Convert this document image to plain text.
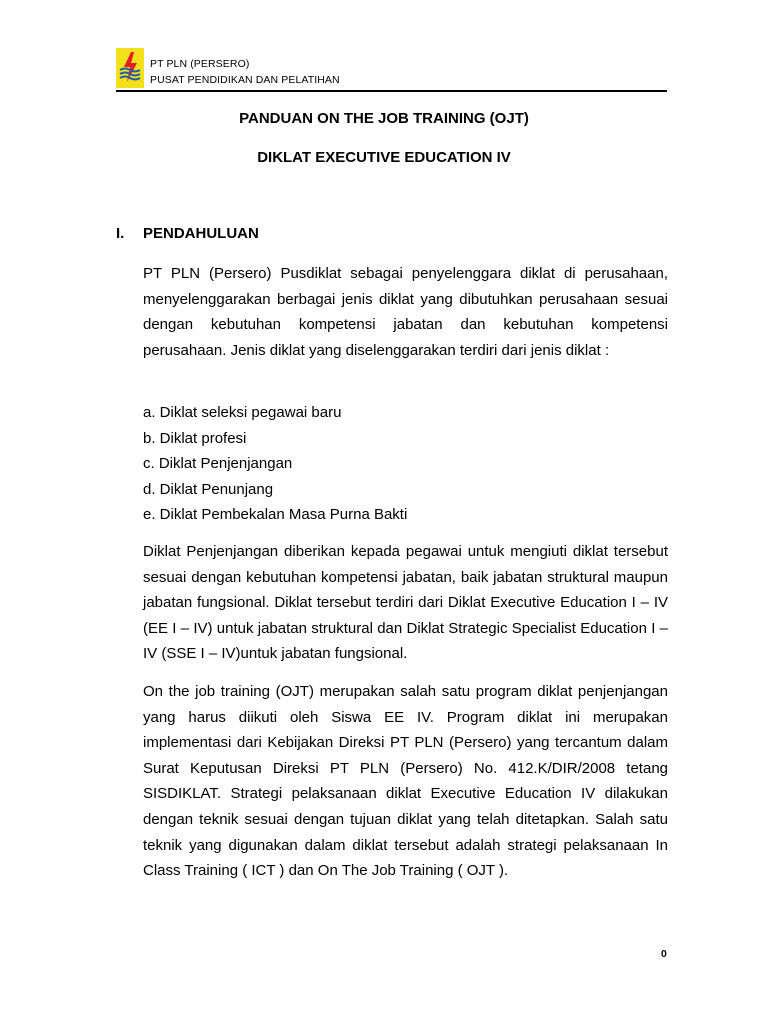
PT PLN (PERSERO)
PUSAT PENDIDIKAN DAN PELATIHAN
PANDUAN ON THE JOB TRAINING (OJT)
DIKLAT EXECUTIVE EDUCATION IV
I. PENDAHULUAN
PT PLN (Persero) Pusdiklat sebagai penyelenggara diklat di perusahaan, menyelenggarakan berbagai jenis diklat yang dibutuhkan perusahaan sesuai dengan kebutuhan kompetensi jabatan dan kebutuhan kompetensi perusahaan. Jenis diklat yang diselenggarakan terdiri dari jenis diklat :
a. Diklat seleksi pegawai baru
b. Diklat profesi
c. Diklat Penjenjangan
d. Diklat Penunjang
e. Diklat Pembekalan Masa Purna Bakti
Diklat Penjenjangan diberikan kepada pegawai untuk mengiuti diklat tersebut sesuai dengan kebutuhan kompetensi jabatan, baik jabatan struktural maupun jabatan fungsional. Diklat tersebut terdiri dari Diklat Executive Education I – IV (EE I – IV) untuk jabatan struktural dan Diklat Strategic Specialist Education I – IV (SSE I – IV)untuk jabatan fungsional.
On the job training (OJT) merupakan salah satu program diklat penjenjangan yang harus diikuti oleh Siswa EE IV. Program diklat ini merupakan implementasi dari Kebijakan Direksi PT PLN (Persero) yang tercantum dalam Surat Keputusan Direksi PT PLN (Persero) No. 412.K/DIR/2008 tetang SISDIKLAT. Strategi pelaksanaan diklat Executive Education IV dilakukan dengan teknik sesuai dengan tujuan diklat yang telah ditetapkan. Salah satu teknik yang digunakan dalam diklat tersebut adalah strategi pelaksanaan In Class Training ( ICT ) dan On The Job Training ( OJT ).
0
